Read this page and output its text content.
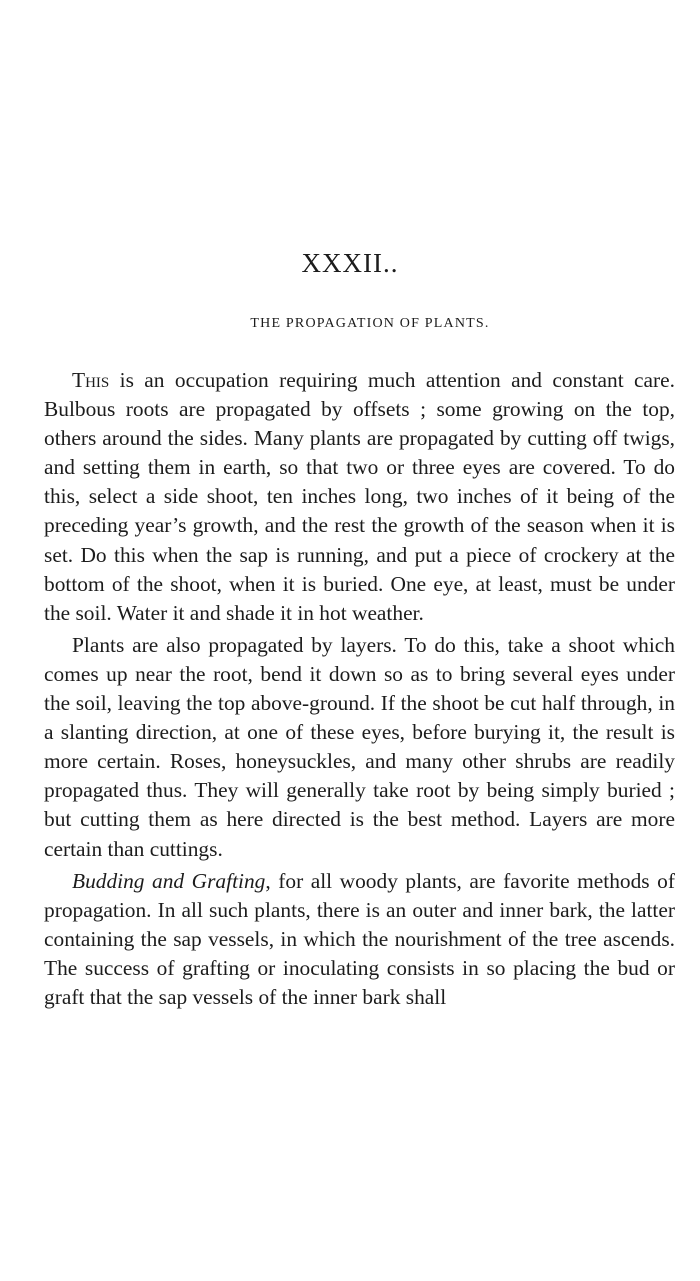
XXXII..
THE PROPAGATION OF PLANTS.

This is an occupation requiring much attention and constant care. Bulbous roots are propagated by offsets ; some growing on the top, others around the sides. Many plants are propagated by cutting off twigs, and setting them in earth, so that two or three eyes are covered. To do this, select a side shoot, ten inches long, two inches of it being of the preceding year’s growth, and the rest the growth of the season when it is set. Do this when the sap is running, and put a piece of crockery at the bottom of the shoot, when it is buried. One eye, at least, must be under the soil. Water it and shade it in hot weather.

Plants are also propagated by layers. To do this, take a shoot which comes up near the root, bend it down so as to bring several eyes under the soil, leaving the top above-ground. If the shoot be cut half through, in a slanting direction, at one of these eyes, before burying it, the result is more certain. Roses, honeysuckles, and many other shrubs are readily propagated thus. They will generally take root by being simply buried ; but cutting them as here directed is the best method. Layers are more certain than cuttings.

Budding and Grafting, for all woody plants, are favorite methods of propagation. In all such plants, there is an outer and inner bark, the latter containing the sap vessels, in which the nourishment of the tree ascends. The success of grafting or inoculating consists in so placing the bud or graft that the sap vessels of the inner bark shall
